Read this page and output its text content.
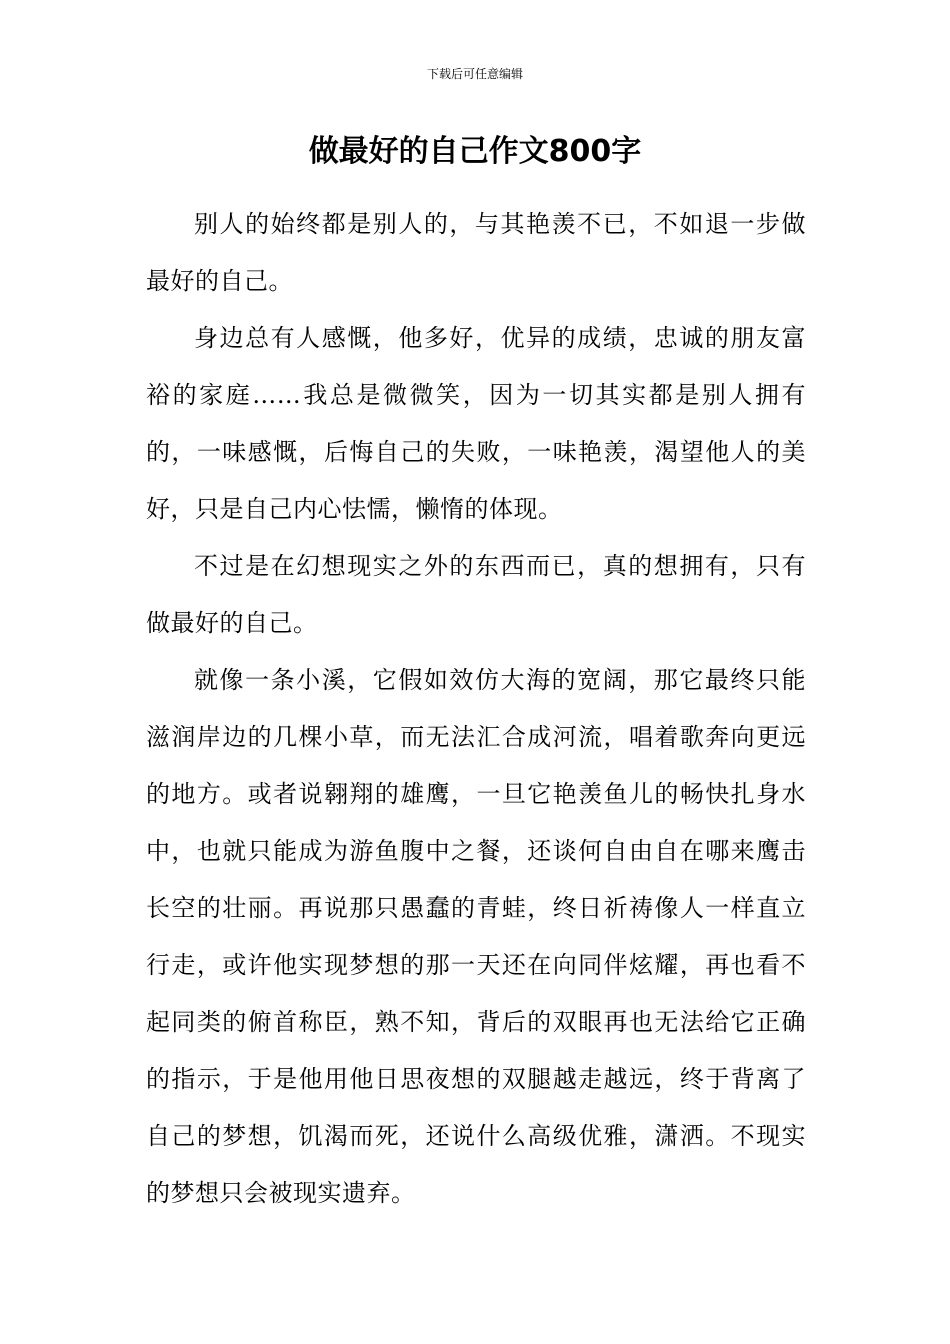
下载后可任意编辑
做最好的自己作文800字

别人的始终都是别人的，与其艳羡不已，不如退一步做最好的自己。

身边总有人感慨，他多好，优异的成绩，忠诚的朋友富裕的家庭……我总是微微笑，因为一切其实都是别人拥有的，一味感慨，后悔自己的失败，一味艳羡，渴望他人的美好，只是自己内心怯懦，懒惰的体现。

不过是在幻想现实之外的东西而已，真的想拥有，只有做最好的自己。

就像一条小溪，它假如效仿大海的宽阔，那它最终只能滋润岸边的几棵小草，而无法汇合成河流，唱着歌奔向更远的地方。或者说翱翔的雄鹰，一旦它艳羡鱼儿的畅快扎身水中，也就只能成为游鱼腹中之餐，还谈何自由自在哪来鹰击长空的壮丽。再说那只愚蠢的青蛙，终日祈祷像人一样直立行走，或许他实现梦想的那一天还在向同伴炫耀，再也看不起同类的俯首称臣，熟不知，背后的双眼再也无法给它正确的指示，于是他用他日思夜想的双腿越走越远，终于背离了自己的梦想，饥渴而死，还说什么高级优雅，潇洒。不现实的梦想只会被现实遗弃。
